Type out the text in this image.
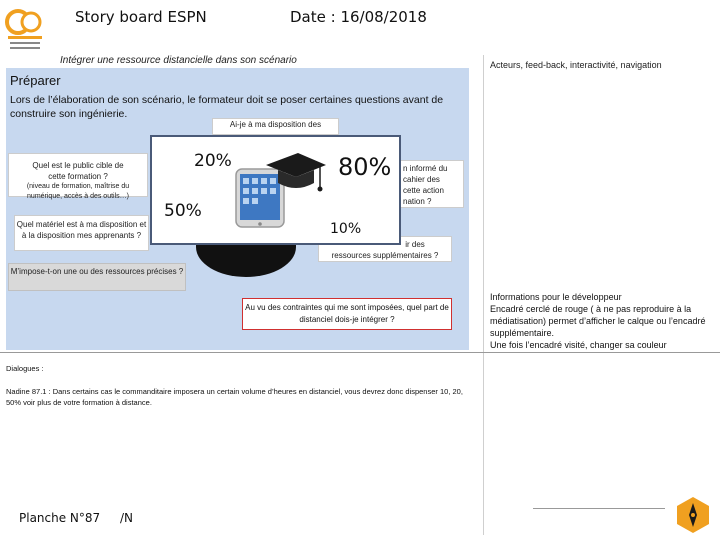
Story board ESPN	Date : 16/08/2018
Intégrer une ressource distancielle dans son scénario	Acteurs, feed-back, interactivité, navigation
Préparer
Lors de l’élaboration de son scénario, le formateur doit se poser certaines questions avant de construire son ingénierie.
Ai-je à ma disposition des
Quel est le public cible de cette formation ?
(niveau de formation, maîtrise du numérique, accès à des outils…)
Quel matériel est à ma disposition et à la disposition mes apprenants ?
n informé du
cahier des
cette action
nation ?
ir des
ressources supplémentaires ?
M’impose-t-on une ou des ressources précises ?
Au vu des contraintes qui me sont imposées, quel part de distanciel dois-je intégrer ?
20%	80%
50%
10%
Informations pour le développeur
Encadré cerclé de rouge ( à ne pas reproduire à la médiatisation) permet d’afficher le calque ou l’encadré supplémentaire.
Une fois l’encadré visité, changer sa couleur
Dialogues :
Nadine 87.1 : Dans certains cas le commanditaire imposera un certain volume d’heures en distanciel, vous devrez donc dispenser 10, 20, 50% voir plus de votre formation à distance.
Planche N°87 /N
